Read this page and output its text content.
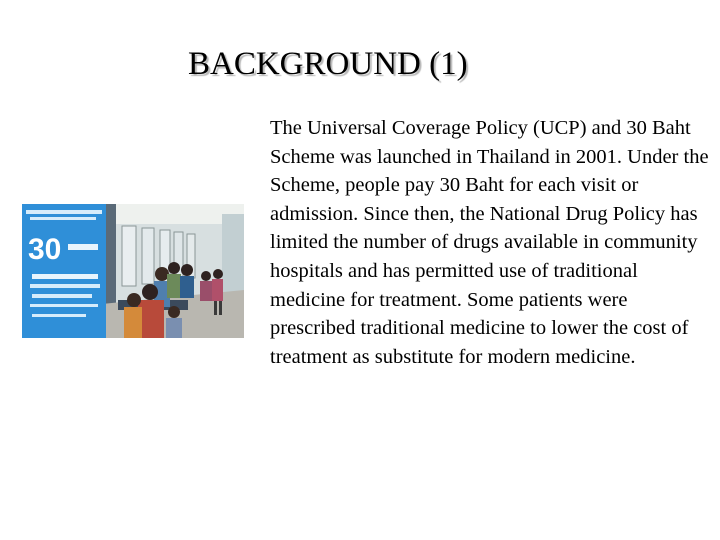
BACKGROUND (1)
30

The Universal Coverage Policy (UCP) and 30 Baht Scheme was launched in Thailand in 2001. Under the Scheme, people pay 30 Baht for each visit or admission. Since then, the National Drug Policy has limited the number of drugs available in community hospitals and has permitted use of traditional medicine for treatment. Some patients were prescribed traditional medicine to lower the cost of treatment as substitute for modern medicine.
